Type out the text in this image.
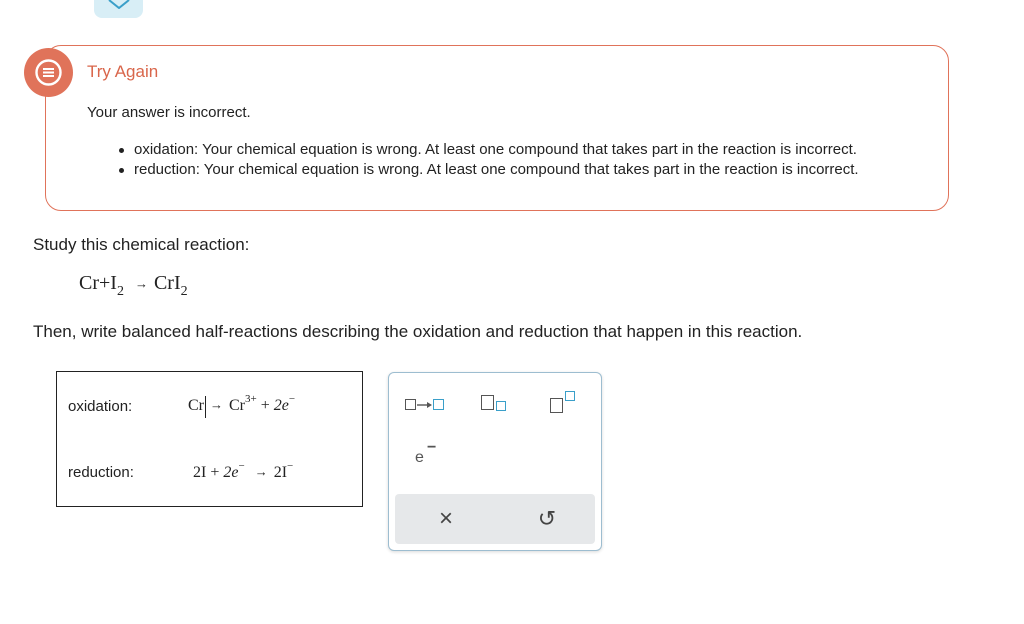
Try Again
Your answer is incorrect.
oxidation: Your chemical equation is wrong. At least one compound that takes part in the reaction is incorrect.
reduction: Your chemical equation is wrong. At least one compound that takes part in the reaction is incorrect.
Study this chemical reaction:
$Cr+I_2 \to CrI_2$
Then, write balanced half-reactions describing the oxidation and reduction that happen in this reaction.
oxidation:	$Cr \to Cr^{3+} + 2e^-$
reduction:	2I + 2e− → 2I−	e
−
×	↺
